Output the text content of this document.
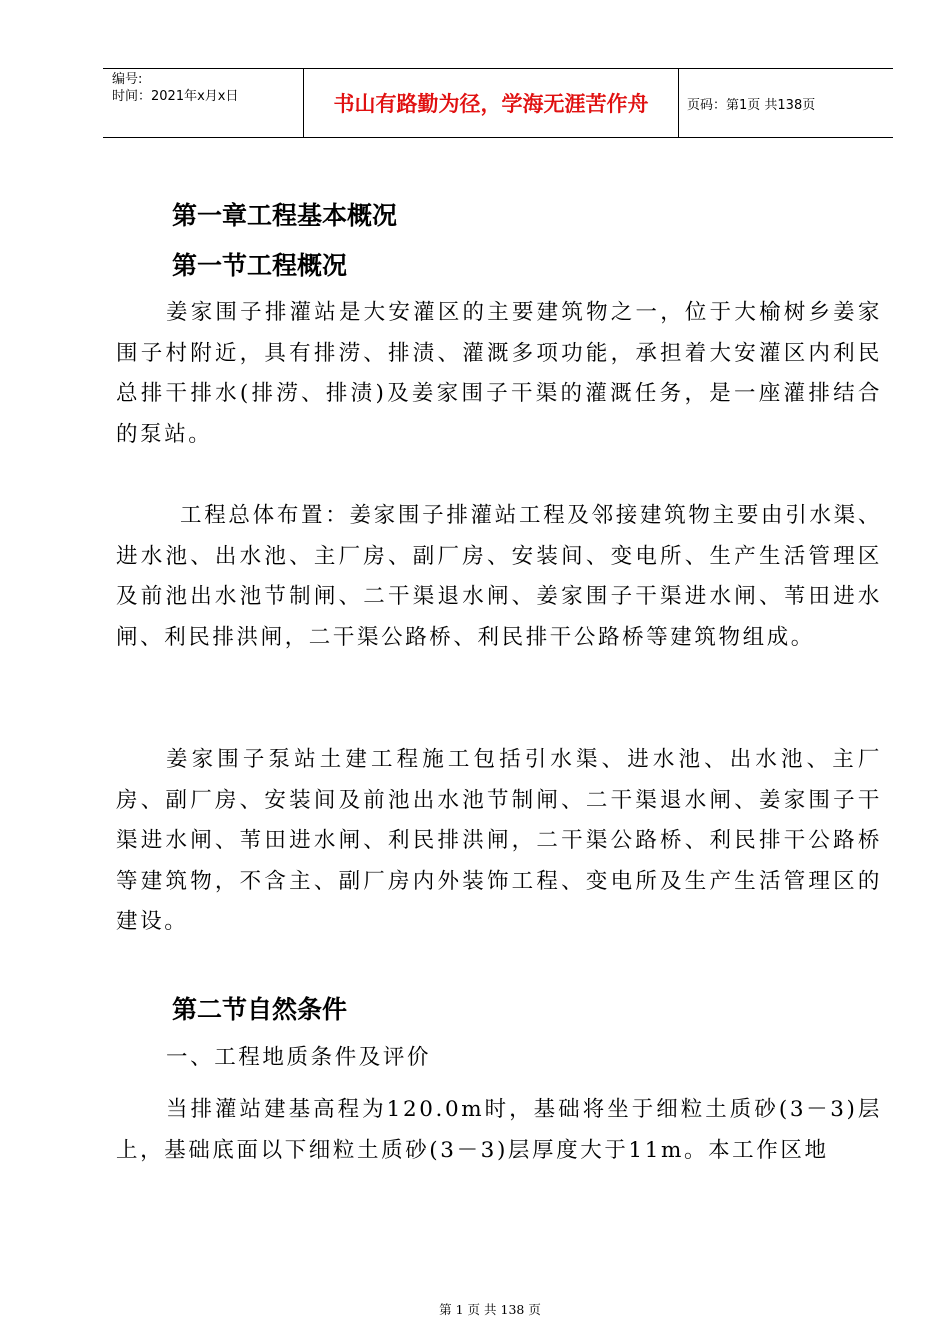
编号:
时间：2021年x月x日	书山有路勤为径，学海无涯苦作舟	页码：第1页 共138页
第一章工程基本概况
第一节工程概况
姜家围子排灌站是大安灌区的主要建筑物之一，位于大榆树乡姜家围子村附近，具有排涝、排渍、灌溉多项功能，承担着大安灌区内利民总排干排水(排涝、排渍)及姜家围子干渠的灌溉任务，是一座灌排结合的泵站。
工程总体布置：姜家围子排灌站工程及邻接建筑物主要由引水渠、进水池、出水池、主厂房、副厂房、安装间、变电所、生产生活管理区及前池出水池节制闸、二干渠退水闸、姜家围子干渠进水闸、苇田进水闸、利民排洪闸，二干渠公路桥、利民排干公路桥等建筑物组成。
姜家围子泵站土建工程施工包括引水渠、进水池、出水池、主厂房、副厂房、安装间及前池出水池节制闸、二干渠退水闸、姜家围子干渠进水闸、苇田进水闸、利民排洪闸，二干渠公路桥、利民排干公路桥等建筑物，不含主、副厂房内外装饰工程、变电所及生产生活管理区的建设。
第二节自然条件
一、工程地质条件及评价
当排灌站建基高程为120.0m时，基础将坐于细粒土质砂(3－3)层上，基础底面以下细粒土质砂(3－3)层厚度大于11m。本工作区地
第 1 页 共 138 页
